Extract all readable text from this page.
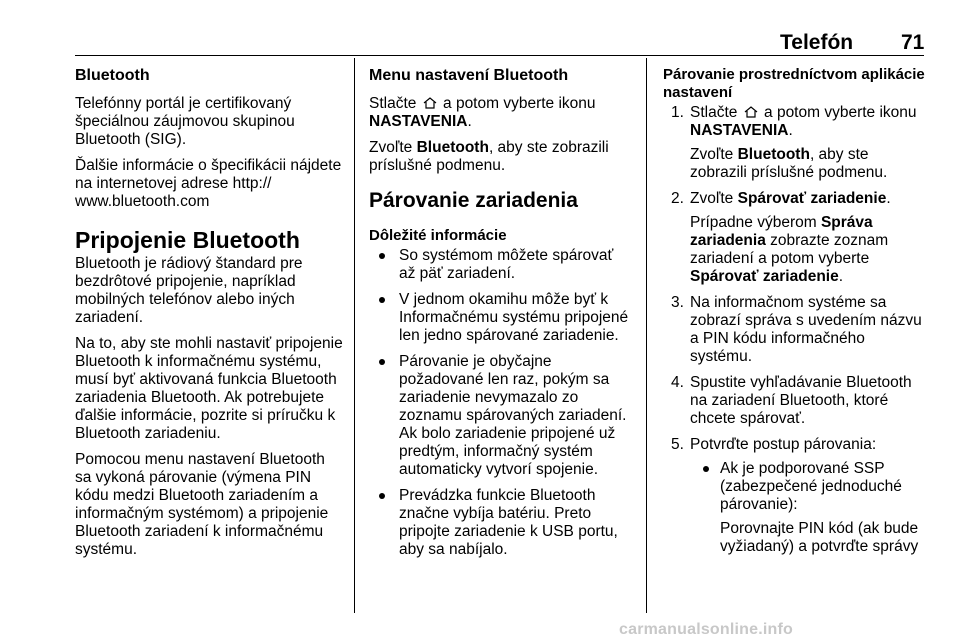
Telefón 71
Bluetooth

Telefónny portál je certifikovaný špeciálnou záujmovou skupinou Bluetooth (SIG).

Ďalšie informácie o špecifikácii nájdete na internetovej adrese http:// www.bluetooth.com

Pripojenie Bluetooth

Bluetooth je rádiový štandard pre bezdrôtové pripojenie, napríklad mobilných telefónov alebo iných zariadení.

Na to, aby ste mohli nastaviť pripojenie Bluetooth k informačnému systému, musí byť aktivovaná funkcia Bluetooth zariadenia Bluetooth. Ak potrebujete ďalšie informácie, pozrite si príručku k Bluetooth zariadeniu.

Pomocou menu nastavení Bluetooth sa vykoná párovanie (výmena PIN kódu medzi Bluetooth zariadením a informačným systémom) a pripojenie Bluetooth zariadení k informačnému systému.

Menu nastavení Bluetooth

Stlačte a potom vyberte ikonu NASTAVENIA.

Zvoľte Bluetooth, aby ste zobrazili príslušné podmenu.

Párovanie zariadenia
Dôležité informácie
So systémom môžete spárovať až päť zariadení.
V jednom okamihu môže byť k Informačnému systému pripojené len jedno spárované zariadenie.
Párovanie je obyčajne požadované len raz, pokým sa zariadenie nevymazalo zo zoznamu spárovaných zariadení. Ak bolo zariadenie pripojené už predtým, informačný systém automaticky vytvorí spojenie.
Prevádzka funkcie Bluetooth značne vybíja batériu. Preto pripojte zariadenie k USB portu, aby sa nabíjalo.
Párovanie prostredníctvom aplikácie nastavení
1. Stlačte a potom vyberte ikonu NASTAVENIA.

Zvoľte Bluetooth, aby ste zobrazili príslušné podmenu.

2. Zvoľte Spárovať zariadenie.

Prípadne výberom Správa zariadenia zobrazte zoznam zariadení a potom vyberte Spárovať zariadenie.

3. Na informačnom systéme sa zobrazí správa s uvedením názvu a PIN kódu informačného systému.

4. Spustite vyhľadávanie Bluetooth na zariadení Bluetooth, ktoré chcete spárovať.

5. Potvrďte postup párovania:

Ak je podporované SSP (zabezpečené jednoduché párovanie):

Porovnajte PIN kód (ak bude vyžiadaný) a potvrďte správy

carmanualsonline.info
